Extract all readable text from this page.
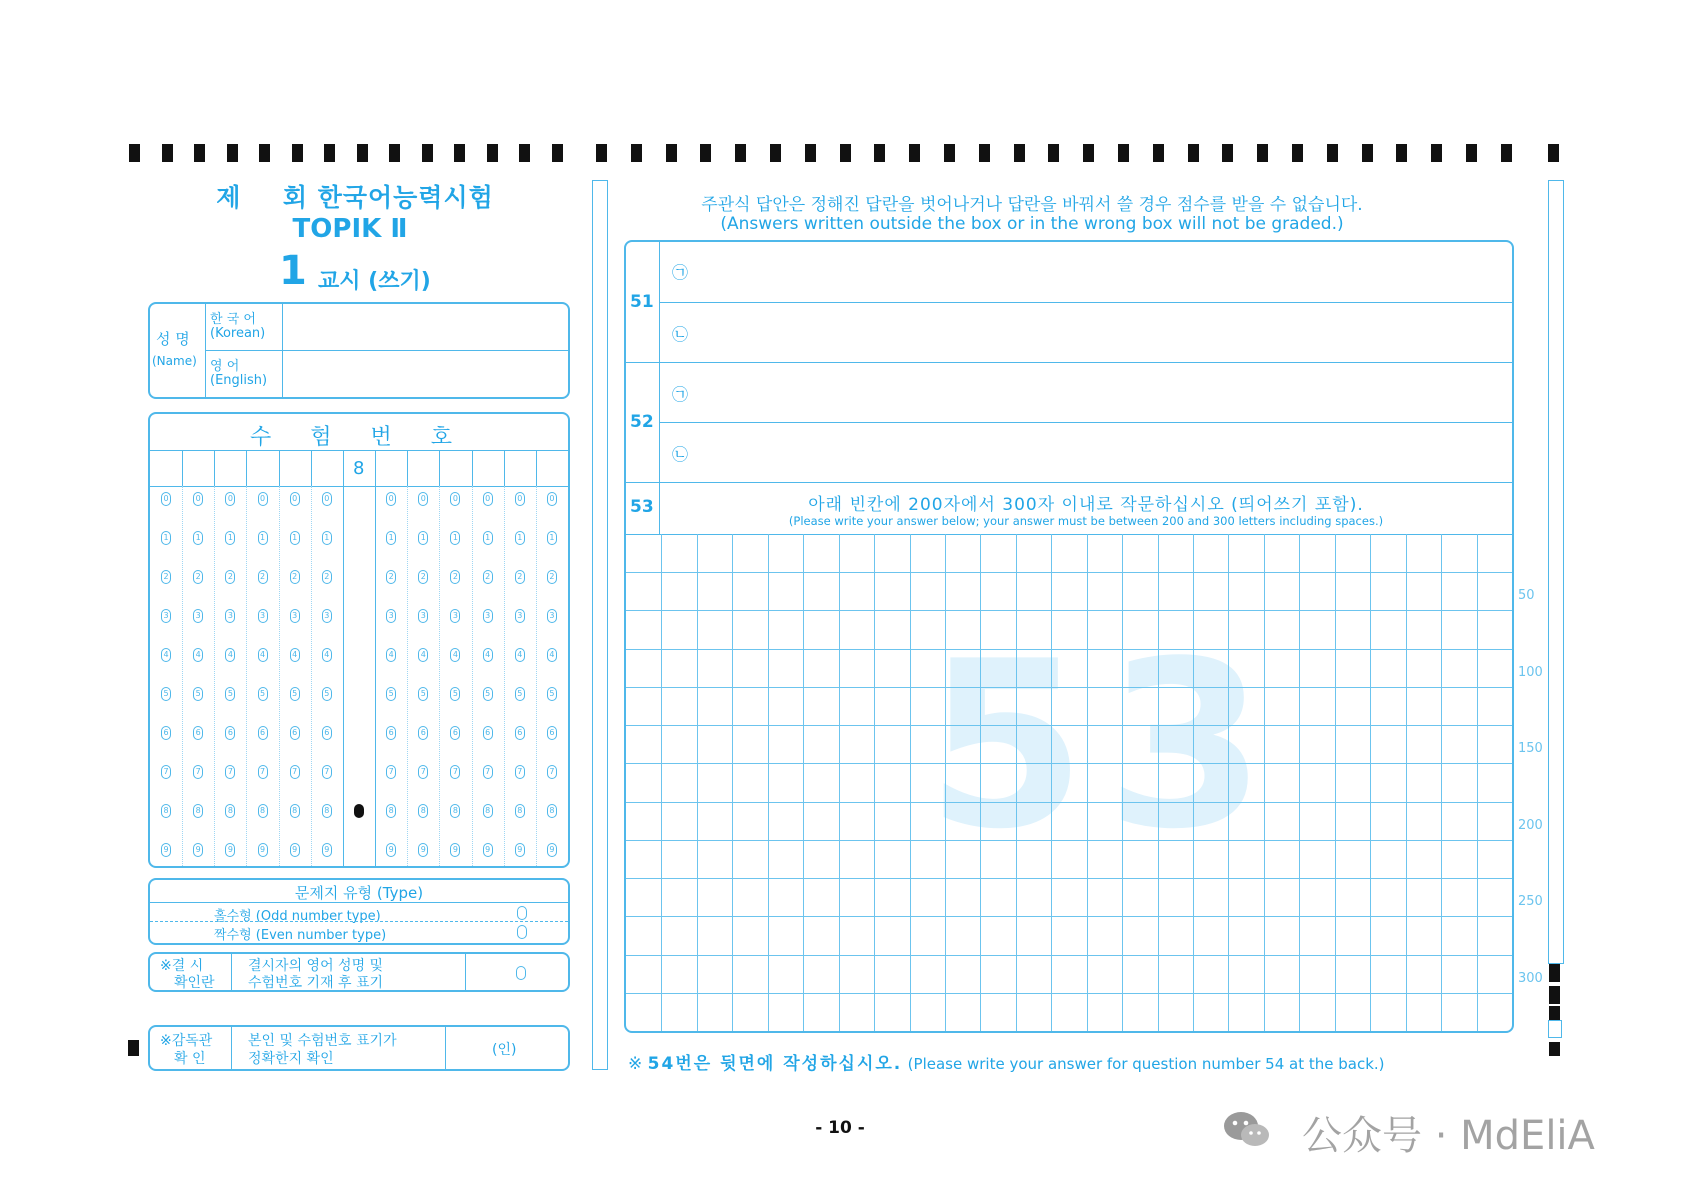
제 회 한국어능력시험
TOPIK Ⅱ
1 교시 (쓰기)
성 명
(Name)
한 국 어
(Korean)
영 어
(English)
수 험 번 호
8
0
1
2
3
4
5
6
7
8
9
0
1
2
3
4
5
6
7
8
9
0
1
2
3
4
5
6
7
8
9
0
1
2
3
4
5
6
7
8
9
0
1
2
3
4
5
6
7
8
9
0
1
2
3
4
5
6
7
8
9
0
1
2
3
4
5
6
7
8
9
0
1
2
3
4
5
6
7
8
9
0
1
2
3
4
5
6
7
8
9
0
1
2
3
4
5
6
7
8
9
0
1
2
3
4
5
6
7
8
9
0
1
2
3
4
5
6
7
8
9
문제지 유형 (Type)
홀수형 (Odd number type)
짝수형 (Even number type)
※결 시
확인란
결시자의 영어 성명 및
수험번호 기재 후 표기
※감독관
확 인
본인 및 수험번호 표기가
정확한지 확인
(인)
주관식 답안은 정해진 답란을 벗어나거나 답란을 바꿔서 쓸 경우 점수를 받을 수 없습니다.
(Answers written outside the box or in the wrong box will not be graded.)
51
㉠
㉡
52
㉠
㉡
53	아래 빈칸에 200자에서 300자 이내로 작문하십시오 (띄어쓰기 포함).
(Please write your answer below; your answer must be between 200 and 300 letters including spaces.)
53
50
100
150
200
250
300
※ 54번은 뒷면에 작성하십시오. (Please write your answer for question number 54 at the back.)
- 10 -	公众号 · MdEliA
